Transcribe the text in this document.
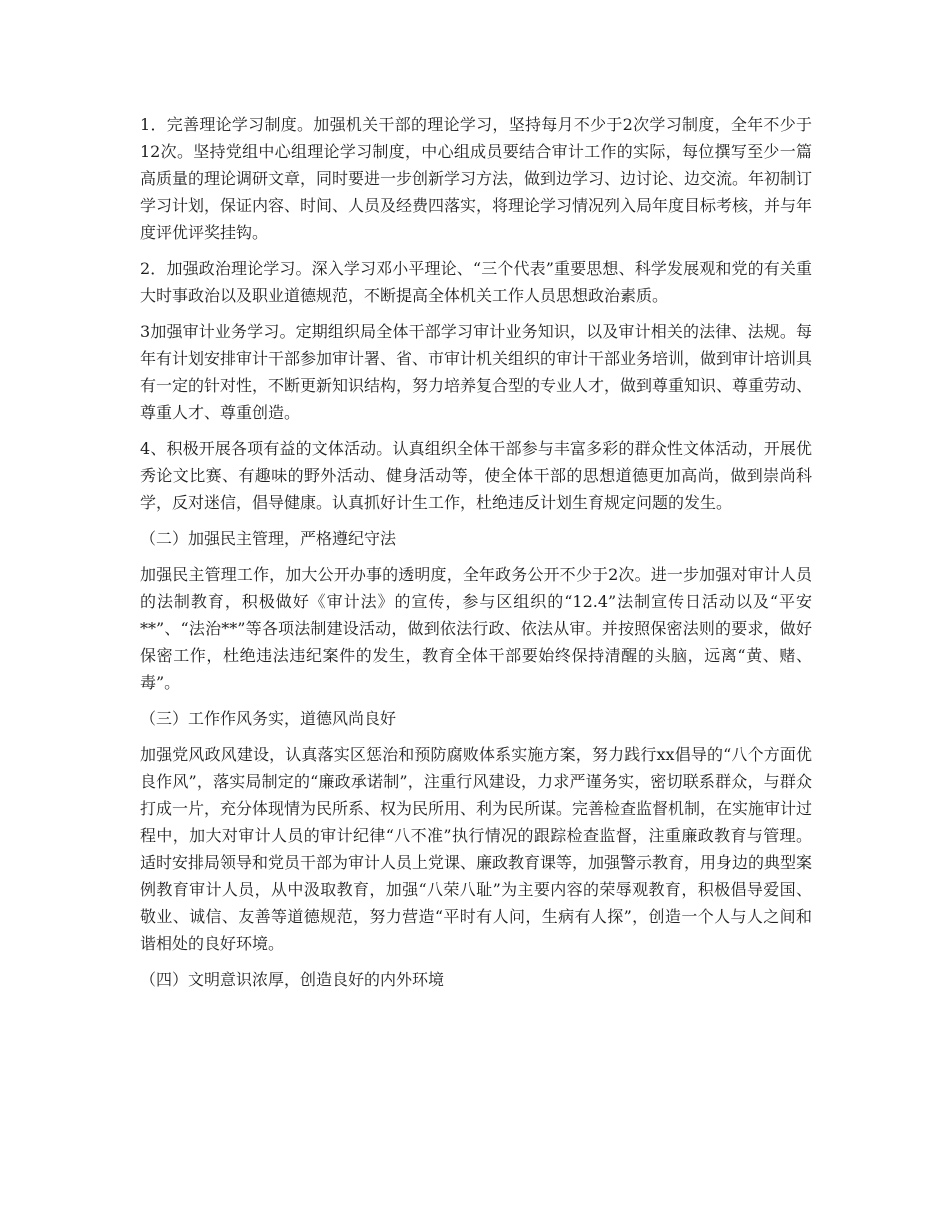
1．完善理论学习制度。加强机关干部的理论学习，坚持每月不少于2次学习制度，全年不少于12次。坚持党组中心组理论学习制度，中心组成员要结合审计工作的实际，每位撰写至少一篇高质量的理论调研文章，同时要进一步创新学习方法，做到边学习、边讨论、边交流。年初制订学习计划，保证内容、时间、人员及经费四落实，将理论学习情况列入局年度目标考核，并与年度评优评奖挂钩。

2．加强政治理论学习。深入学习邓小平理论、“三个代表”重要思想、科学发展观和党的有关重大时事政治以及职业道德规范，不断提高全体机关工作人员思想政治素质。

3加强审计业务学习。定期组织局全体干部学习审计业务知识，以及审计相关的法律、法规。每年有计划安排审计干部参加审计署、省、市审计机关组织的审计干部业务培训，做到审计培训具有一定的针对性，不断更新知识结构，努力培养复合型的专业人才，做到尊重知识、尊重劳动、尊重人才、尊重创造。

4、积极开展各项有益的文体活动。认真组织全体干部参与丰富多彩的群众性文体活动，开展优秀论文比赛、有趣味的野外活动、健身活动等，使全体干部的思想道德更加高尚，做到崇尚科学，反对迷信，倡导健康。认真抓好计生工作，杜绝违反计划生育规定问题的发生。

（二）加强民主管理，严格遵纪守法

加强民主管理工作，加大公开办事的透明度，全年政务公开不少于2次。进一步加强对审计人员的法制教育，积极做好《审计法》的宣传，参与区组织的“12.4”法制宣传日活动以及“平安**”、“法治**”等各项法制建设活动，做到依法行政、依法从审。并按照保密法则的要求，做好保密工作，杜绝违法违纪案件的发生，教育全体干部要始终保持清醒的头脑，远离“黄、赌、毒”。

（三）工作作风务实，道德风尚良好

加强党风政风建设，认真落实区惩治和预防腐败体系实施方案，努力践行xx倡导的“八个方面优良作风”，落实局制定的“廉政承诺制”，注重行风建设，力求严谨务实，密切联系群众，与群众打成一片，充分体现情为民所系、权为民所用、利为民所谋。完善检查监督机制，在实施审计过程中，加大对审计人员的审计纪律“八不准”执行情况的跟踪检查监督，注重廉政教育与管理。适时安排局领导和党员干部为审计人员上党课、廉政教育课等，加强警示教育，用身边的典型案例教育审计人员，从中汲取教育，加强“八荣八耻”为主要内容的荣辱观教育，积极倡导爱国、敬业、诚信、友善等道德规范，努力营造“平时有人问，生病有人探”，创造一个人与人之间和谐相处的良好环境。

（四）文明意识浓厚，创造良好的内外环境
